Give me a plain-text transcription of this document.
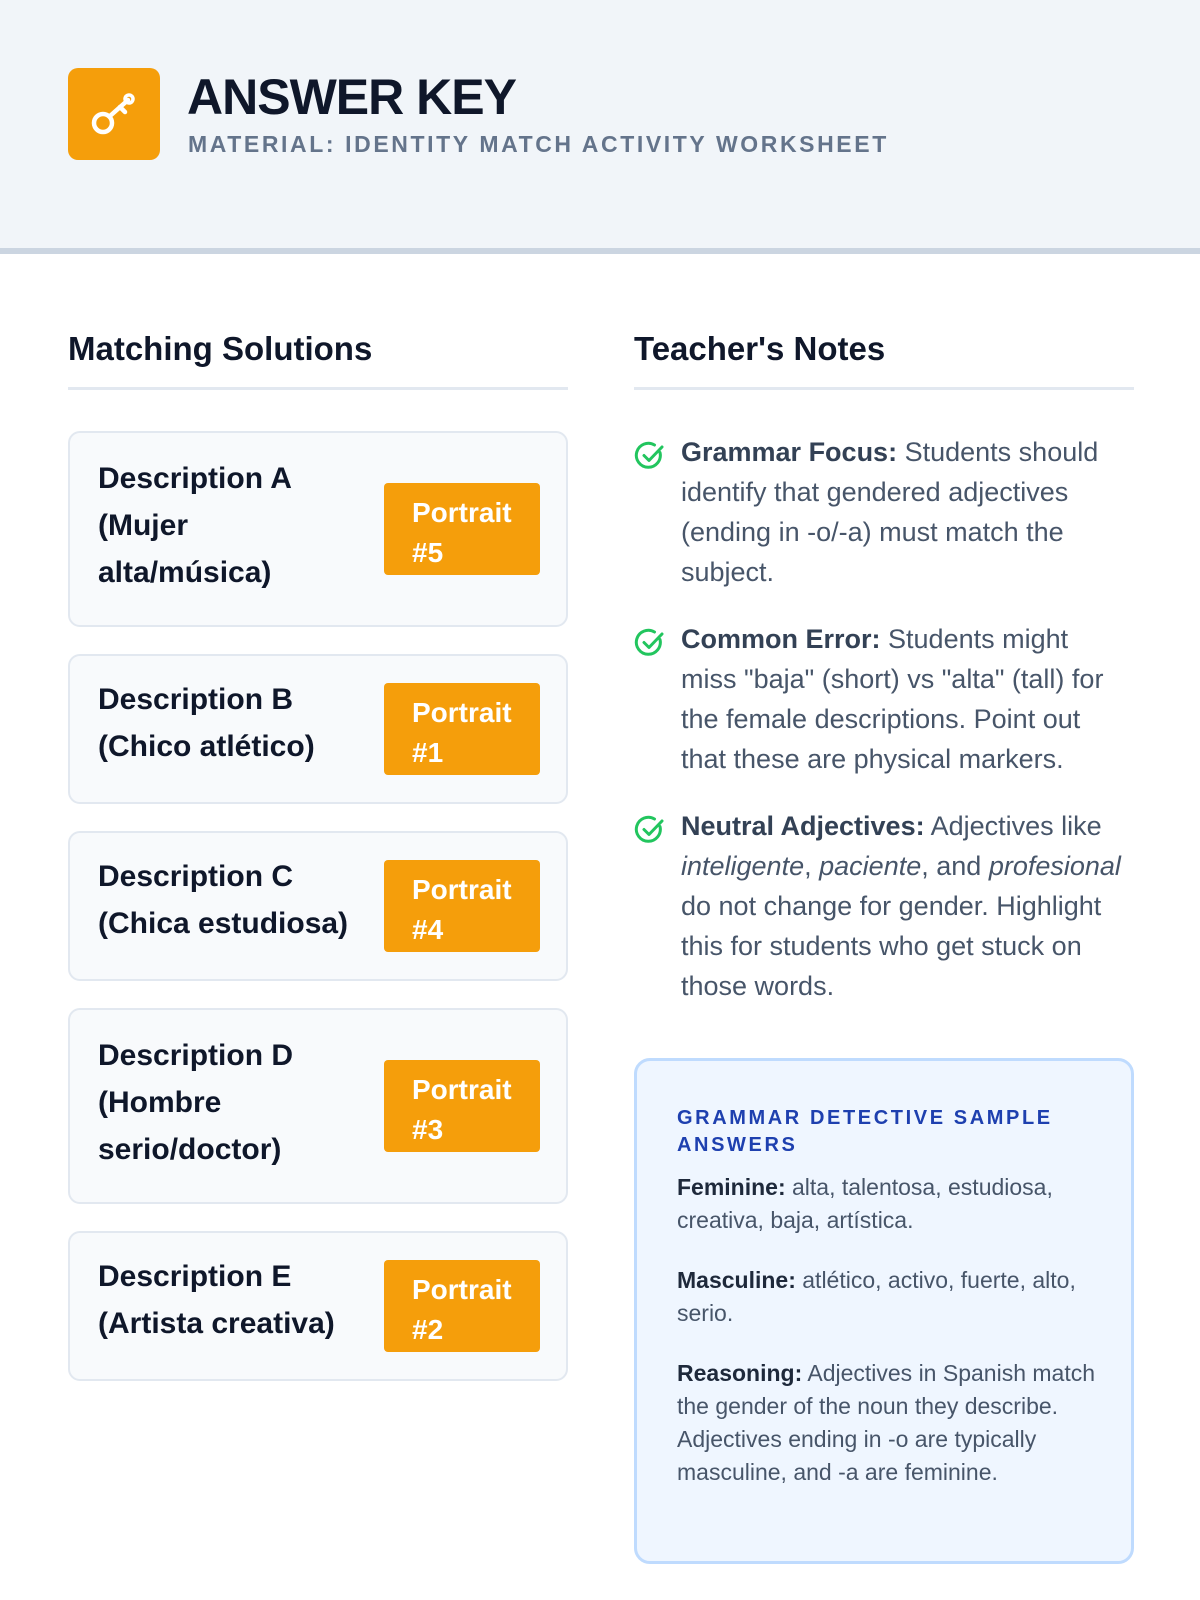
ANSWER KEY
MATERIAL: IDENTITY MATCH ACTIVITY WORKSHEET
Matching Solutions	Teacher's Notes
Description A
(Mujer
alta/música)
Portrait
#5
Description B
(Chico atlético)
Portrait
#1
Description C
(Chica estudiosa)
Portrait
#4
Description D
(Hombre
serio/doctor)
Portrait
#3
Description E
(Artista creativa)
Portrait
#2
Grammar Focus: Students should identify that gendered adjectives (ending in -o/-a) must match the subject.
Common Error: Students might miss "baja" (short) vs "alta" (tall) for the female descriptions. Point out that these are physical markers.
Neutral Adjectives: Adjectives like inteligente, paciente, and profesional do not change for gender. Highlight this for students who get stuck on those words.
GRAMMAR DETECTIVE SAMPLE ANSWERS
Feminine: alta, talentosa, estudiosa, creativa, baja, artística.
Masculine: atlético, activo, fuerte, alto, serio.
Reasoning: Adjectives in Spanish match the gender of the noun they describe. Adjectives ending in -o are typically masculine, and -a are feminine.
